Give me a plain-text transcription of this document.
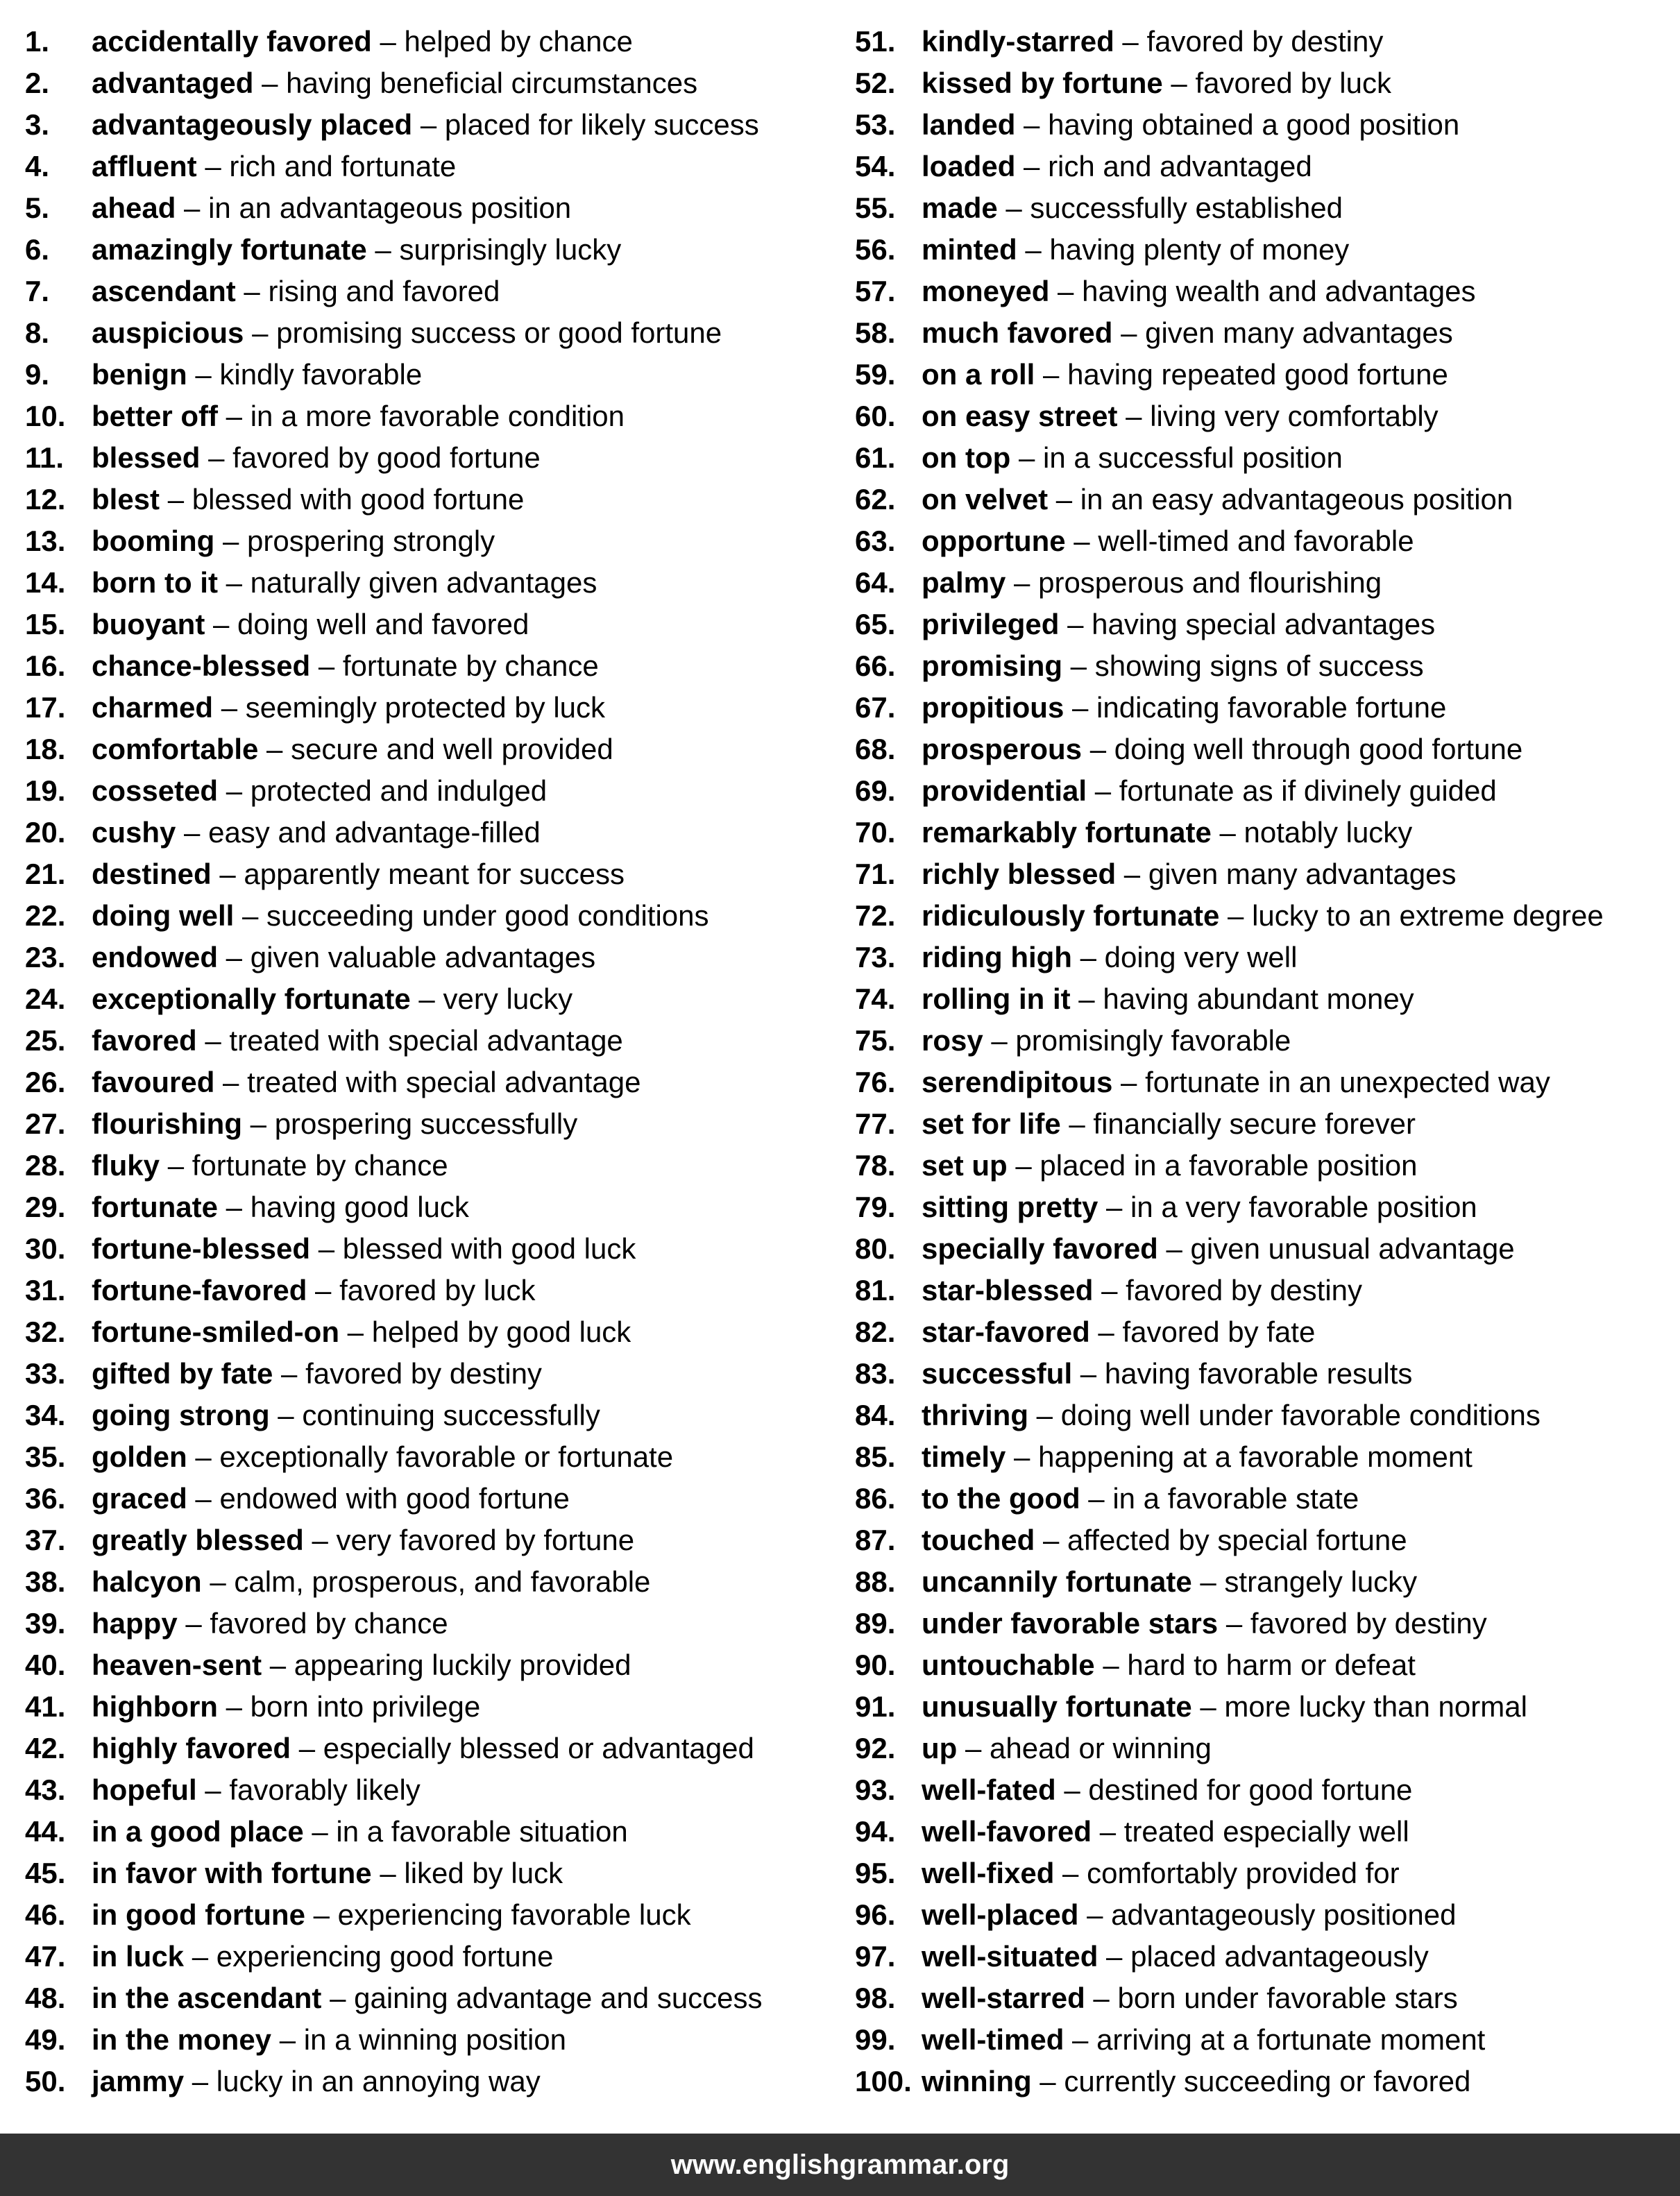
1. accidentally favored – helped by chance
2. advantaged – having beneficial circumstances
3. advantageously placed – placed for likely success
4. affluent – rich and fortunate
5. ahead – in an advantageous position
6. amazingly fortunate – surprisingly lucky
7. ascendant – rising and favored
8. auspicious – promising success or good fortune
9. benign – kindly favorable
10. better off – in a more favorable condition
11. blessed – favored by good fortune
12. blest – blessed with good fortune
13. booming – prospering strongly
14. born to it – naturally given advantages
15. buoyant – doing well and favored
16. chance-blessed – fortunate by chance
17. charmed – seemingly protected by luck
18. comfortable – secure and well provided
19. cosseted – protected and indulged
20. cushy – easy and advantage-filled
21. destined – apparently meant for success
22. doing well – succeeding under good conditions
23. endowed – given valuable advantages
24. exceptionally fortunate – very lucky
25. favored – treated with special advantage
26. favoured – treated with special advantage
27. flourishing – prospering successfully
28. fluky – fortunate by chance
29. fortunate – having good luck
30. fortune-blessed – blessed with good luck
31. fortune-favored – favored by luck
32. fortune-smiled-on – helped by good luck
33. gifted by fate – favored by destiny
34. going strong – continuing successfully
35. golden – exceptionally favorable or fortunate
36. graced – endowed with good fortune
37. greatly blessed – very favored by fortune
38. halcyon – calm, prosperous, and favorable
39. happy – favored by chance
40. heaven-sent – appearing luckily provided
41. highborn – born into privilege
42. highly favored – especially blessed or advantaged
43. hopeful – favorably likely
44. in a good place – in a favorable situation
45. in favor with fortune – liked by luck
46. in good fortune – experiencing favorable luck
47. in luck – experiencing good fortune
48. in the ascendant – gaining advantage and success
49. in the money – in a winning position
50. jammy – lucky in an annoying way
51. kindly-starred – favored by destiny
52. kissed by fortune – favored by luck
53. landed – having obtained a good position
54. loaded – rich and advantaged
55. made – successfully established
56. minted – having plenty of money
57. moneyed – having wealth and advantages
58. much favored – given many advantages
59. on a roll – having repeated good fortune
60. on easy street – living very comfortably
61. on top – in a successful position
62. on velvet – in an easy advantageous position
63. opportune – well-timed and favorable
64. palmy – prosperous and flourishing
65. privileged – having special advantages
66. promising – showing signs of success
67. propitious – indicating favorable fortune
68. prosperous – doing well through good fortune
69. providential – fortunate as if divinely guided
70. remarkably fortunate – notably lucky
71. richly blessed – given many advantages
72. ridiculously fortunate – lucky to an extreme degree
73. riding high – doing very well
74. rolling in it – having abundant money
75. rosy – promisingly favorable
76. serendipitous – fortunate in an unexpected way
77. set for life – financially secure forever
78. set up – placed in a favorable position
79. sitting pretty – in a very favorable position
80. specially favored – given unusual advantage
81. star-blessed – favored by destiny
82. star-favored – favored by fate
83. successful – having favorable results
84. thriving – doing well under favorable conditions
85. timely – happening at a favorable moment
86. to the good – in a favorable state
87. touched – affected by special fortune
88. uncannily fortunate – strangely lucky
89. under favorable stars – favored by destiny
90. untouchable – hard to harm or defeat
91. unusually fortunate – more lucky than normal
92. up – ahead or winning
93. well-fated – destined for good fortune
94. well-favored – treated especially well
95. well-fixed – comfortably provided for
96. well-placed – advantageously positioned
97. well-situated – placed advantageously
98. well-starred – born under favorable stars
99. well-timed – arriving at a fortunate moment
100. winning – currently succeeding or favored
www.englishgrammar.org
